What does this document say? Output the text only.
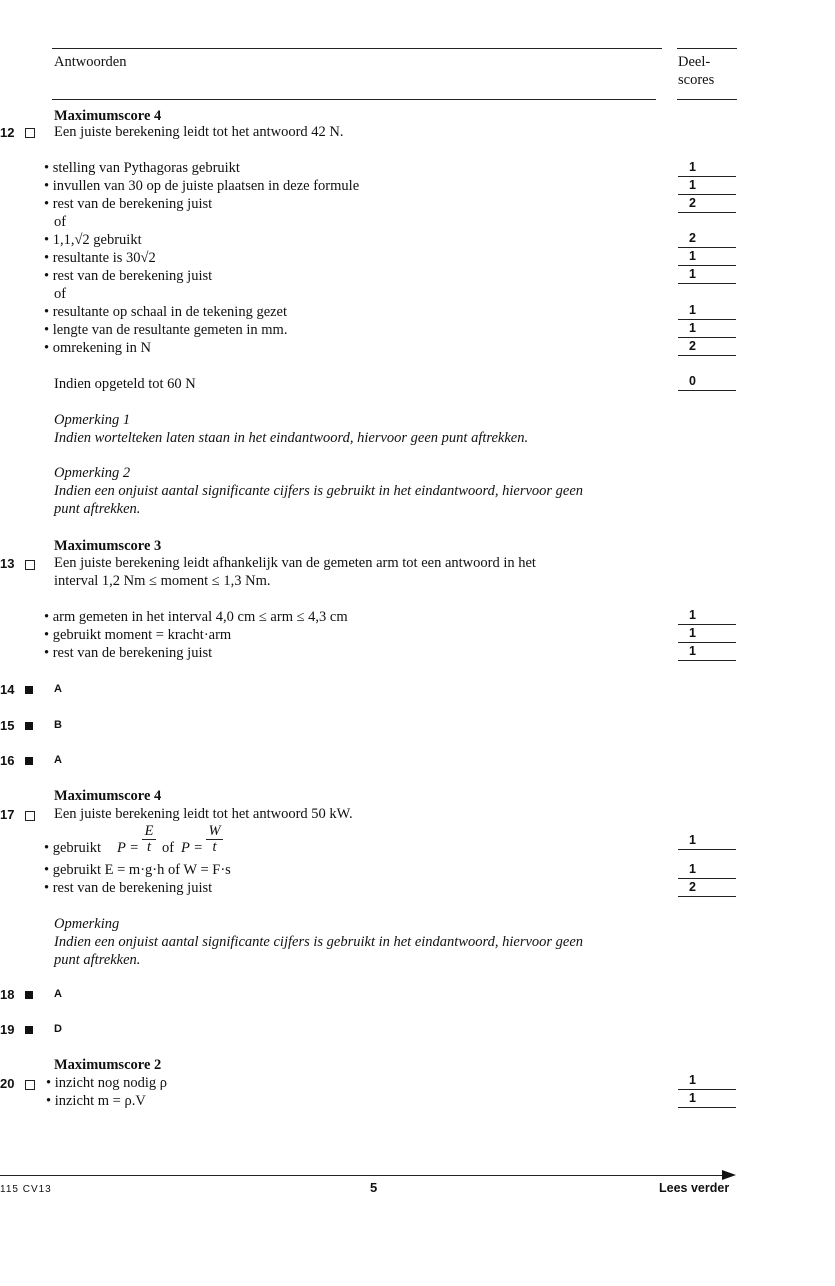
Antwoorden	Deel-
scores
Maximumscore 4
12	Een juiste berekening leidt tot het antwoord 42 N.
• stelling van Pythagoras gebruikt	1
• invullen van 30 op de juiste plaatsen in deze formule	1
• rest van de berekening juist	2
of
• 1,1,√2 gebruikt	2
• resultante is 30√2	1
• rest van de berekening juist	1
of
• resultante op schaal in de tekening gezet	1
• lengte van de resultante gemeten in mm.	1
• omrekening in N	2
Indien opgeteld tot 60 N	0
Opmerking 1
Indien wortelteken laten staan in het eindantwoord, hiervoor geen punt aftrekken.
Opmerking 2
Indien een onjuist aantal significante cijfers is gebruikt in het eindantwoord, hiervoor geen
punt aftrekken.
Maximumscore 3
13	Een juiste berekening leidt afhankelijk van de gemeten arm tot een antwoord in het
interval 1,2 Nm ≤ moment ≤ 1,3 Nm.
• arm gemeten in het interval 4,0 cm ≤ arm ≤ 4,3 cm	1
• gebruikt moment = kracht·arm	1
• rest van de berekening juist	1
14	A
15	B
16	A
Maximumscore 4
17	Een juiste berekening leidt tot het antwoord 50 kW.
• gebruikt $P = \frac{E}{t}$ of $P = \frac{W}{t}$	1
• gebruikt E = m·g·h of W = F·s	1
• rest van de berekening juist	2
Opmerking
Indien een onjuist aantal significante cijfers is gebruikt in het eindantwoord, hiervoor geen
punt aftrekken.
18	A
19	D
Maximumscore 2
20	• inzicht nog nodig ρ	1
• inzicht m = ρ.V	1
115 CV13	5	Lees verder
